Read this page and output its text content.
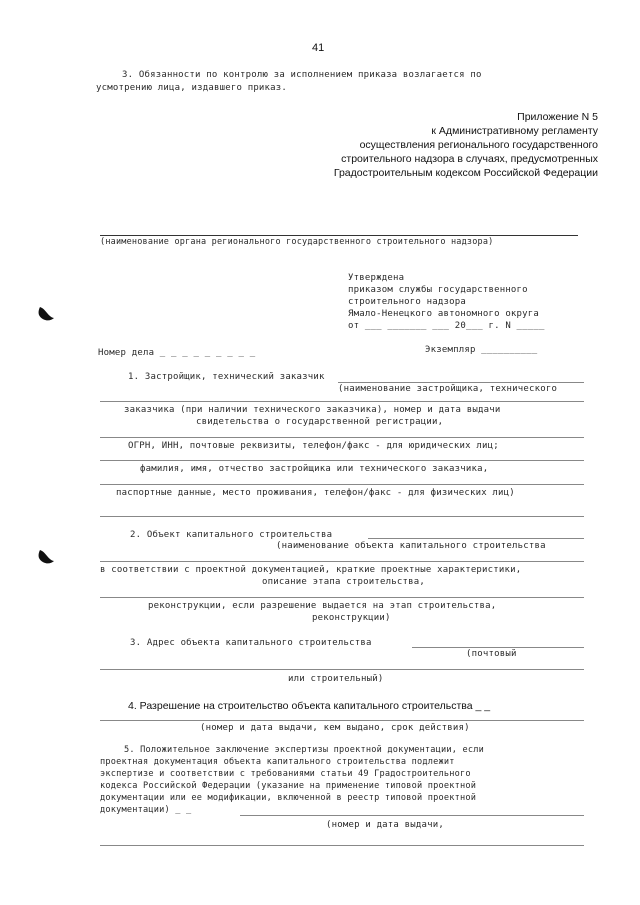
41
3. Обязанности по контролю за исполнением приказа возлагается по
усмотрению лица, издавшего приказ.
Приложение N 5
к Административному регламенту
осуществления регионального государственного
строительного надзора в случаях, предусмотренных
Градостроительным кодексом Российской Федерации
(наименование органа регионального государственного строительного надзора)
Утверждена
приказом службы государственного
строительного надзора
Ямало-Ненецкого автономного округа
от ___ _______ ___ 20___ г. N _____
Номер дела _ _ _ _ _ _ _ _ _	Экземпляр __________
1. Застройщик, технический заказчик
(наименование застройщика, технического
заказчика (при наличии технического заказчика), номер и дата выдачи
свидетельства о государственной регистрации,
ОГРН, ИНН, почтовые реквизиты, телефон/факс - для юридических лиц;
фамилия, имя, отчество застройщика или технического заказчика,
паспортные данные, место проживания, телефон/факс - для физических лиц)
2. Объект капитального строительства
(наименование объекта капитального строительства
в соответствии с проектной документацией, краткие проектные характеристики,
описание этапа строительства,
реконструкции, если разрешение выдается на этап строительства,
реконструкции)
3. Адрес объекта капитального строительства
(почтовый
или строительный)
4. Разрешение на строительство объекта капитального строительства _ _
(номер и дата выдачи, кем выдано, срок действия)
5. Положительное заключение экспертизы проектной документации, если
проектная документация объекта капитального строительства подлежит
экспертизе и соответствии с требованиями статьи 49 Градостроительного
кодекса Российской Федерации (указание на применение типовой проектной
документации или ее модификации, включенной в реестр типовой проектной
документации) _ _
(номер и дата выдачи,
